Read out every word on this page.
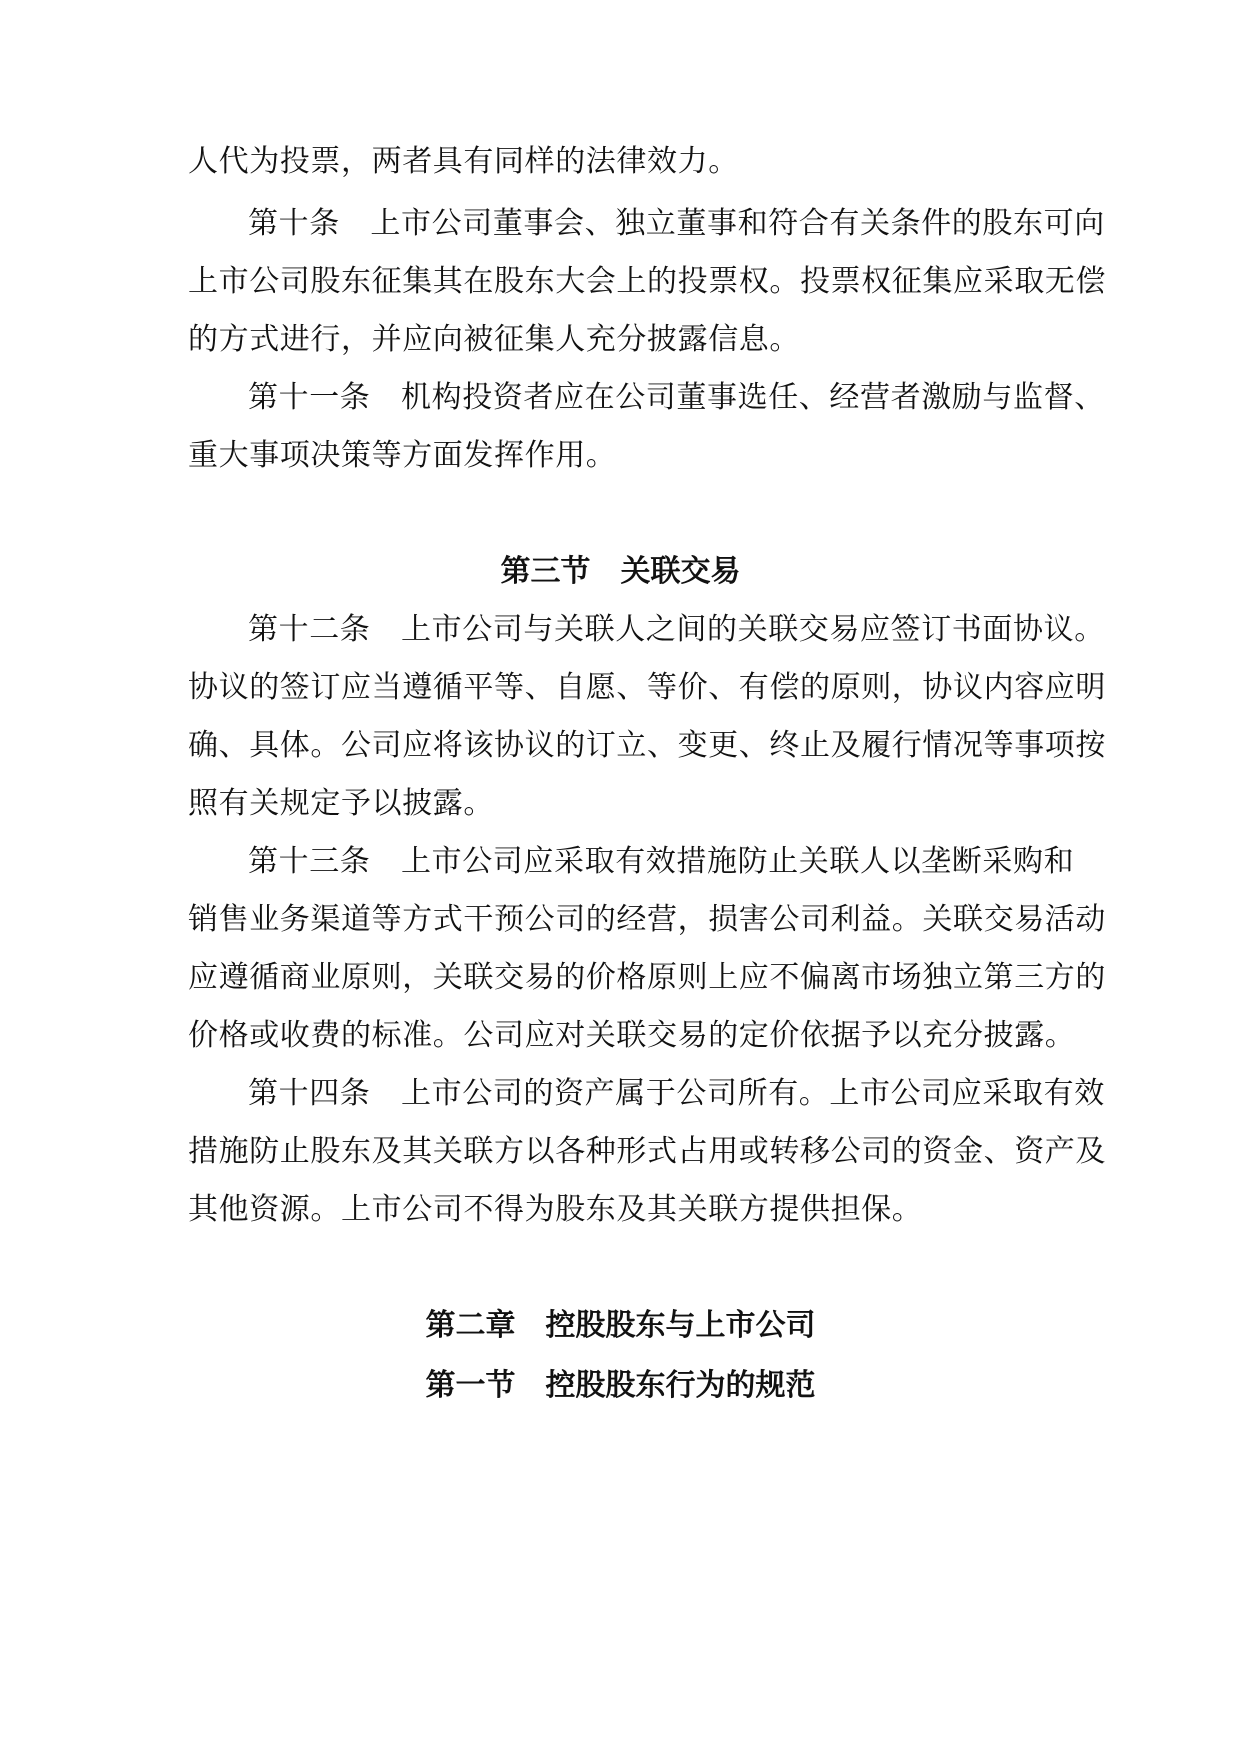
人代为投票，两者具有同样的法律效力。
第十条　上市公司董事会、独立董事和符合有关条件的股东可向
上市公司股东征集其在股东大会上的投票权。投票权征集应采取无偿
的方式进行，并应向被征集人充分披露信息。
第十一条　机构投资者应在公司董事选任、经营者激励与监督、
重大事项决策等方面发挥作用。
第三节　关联交易
第十二条　上市公司与关联人之间的关联交易应签订书面协议。
协议的签订应当遵循平等、自愿、等价、有偿的原则，协议内容应明
确、具体。公司应将该协议的订立、变更、终止及履行情况等事项按
照有关规定予以披露。
第十三条　上市公司应采取有效措施防止关联人以垄断采购和
销售业务渠道等方式干预公司的经营，损害公司利益。关联交易活动
应遵循商业原则，关联交易的价格原则上应不偏离市场独立第三方的
价格或收费的标准。公司应对关联交易的定价依据予以充分披露。
第十四条　上市公司的资产属于公司所有。上市公司应采取有效
措施防止股东及其关联方以各种形式占用或转移公司的资金、资产及
其他资源。上市公司不得为股东及其关联方提供担保。
第二章　控股股东与上市公司
第一节　控股股东行为的规范
